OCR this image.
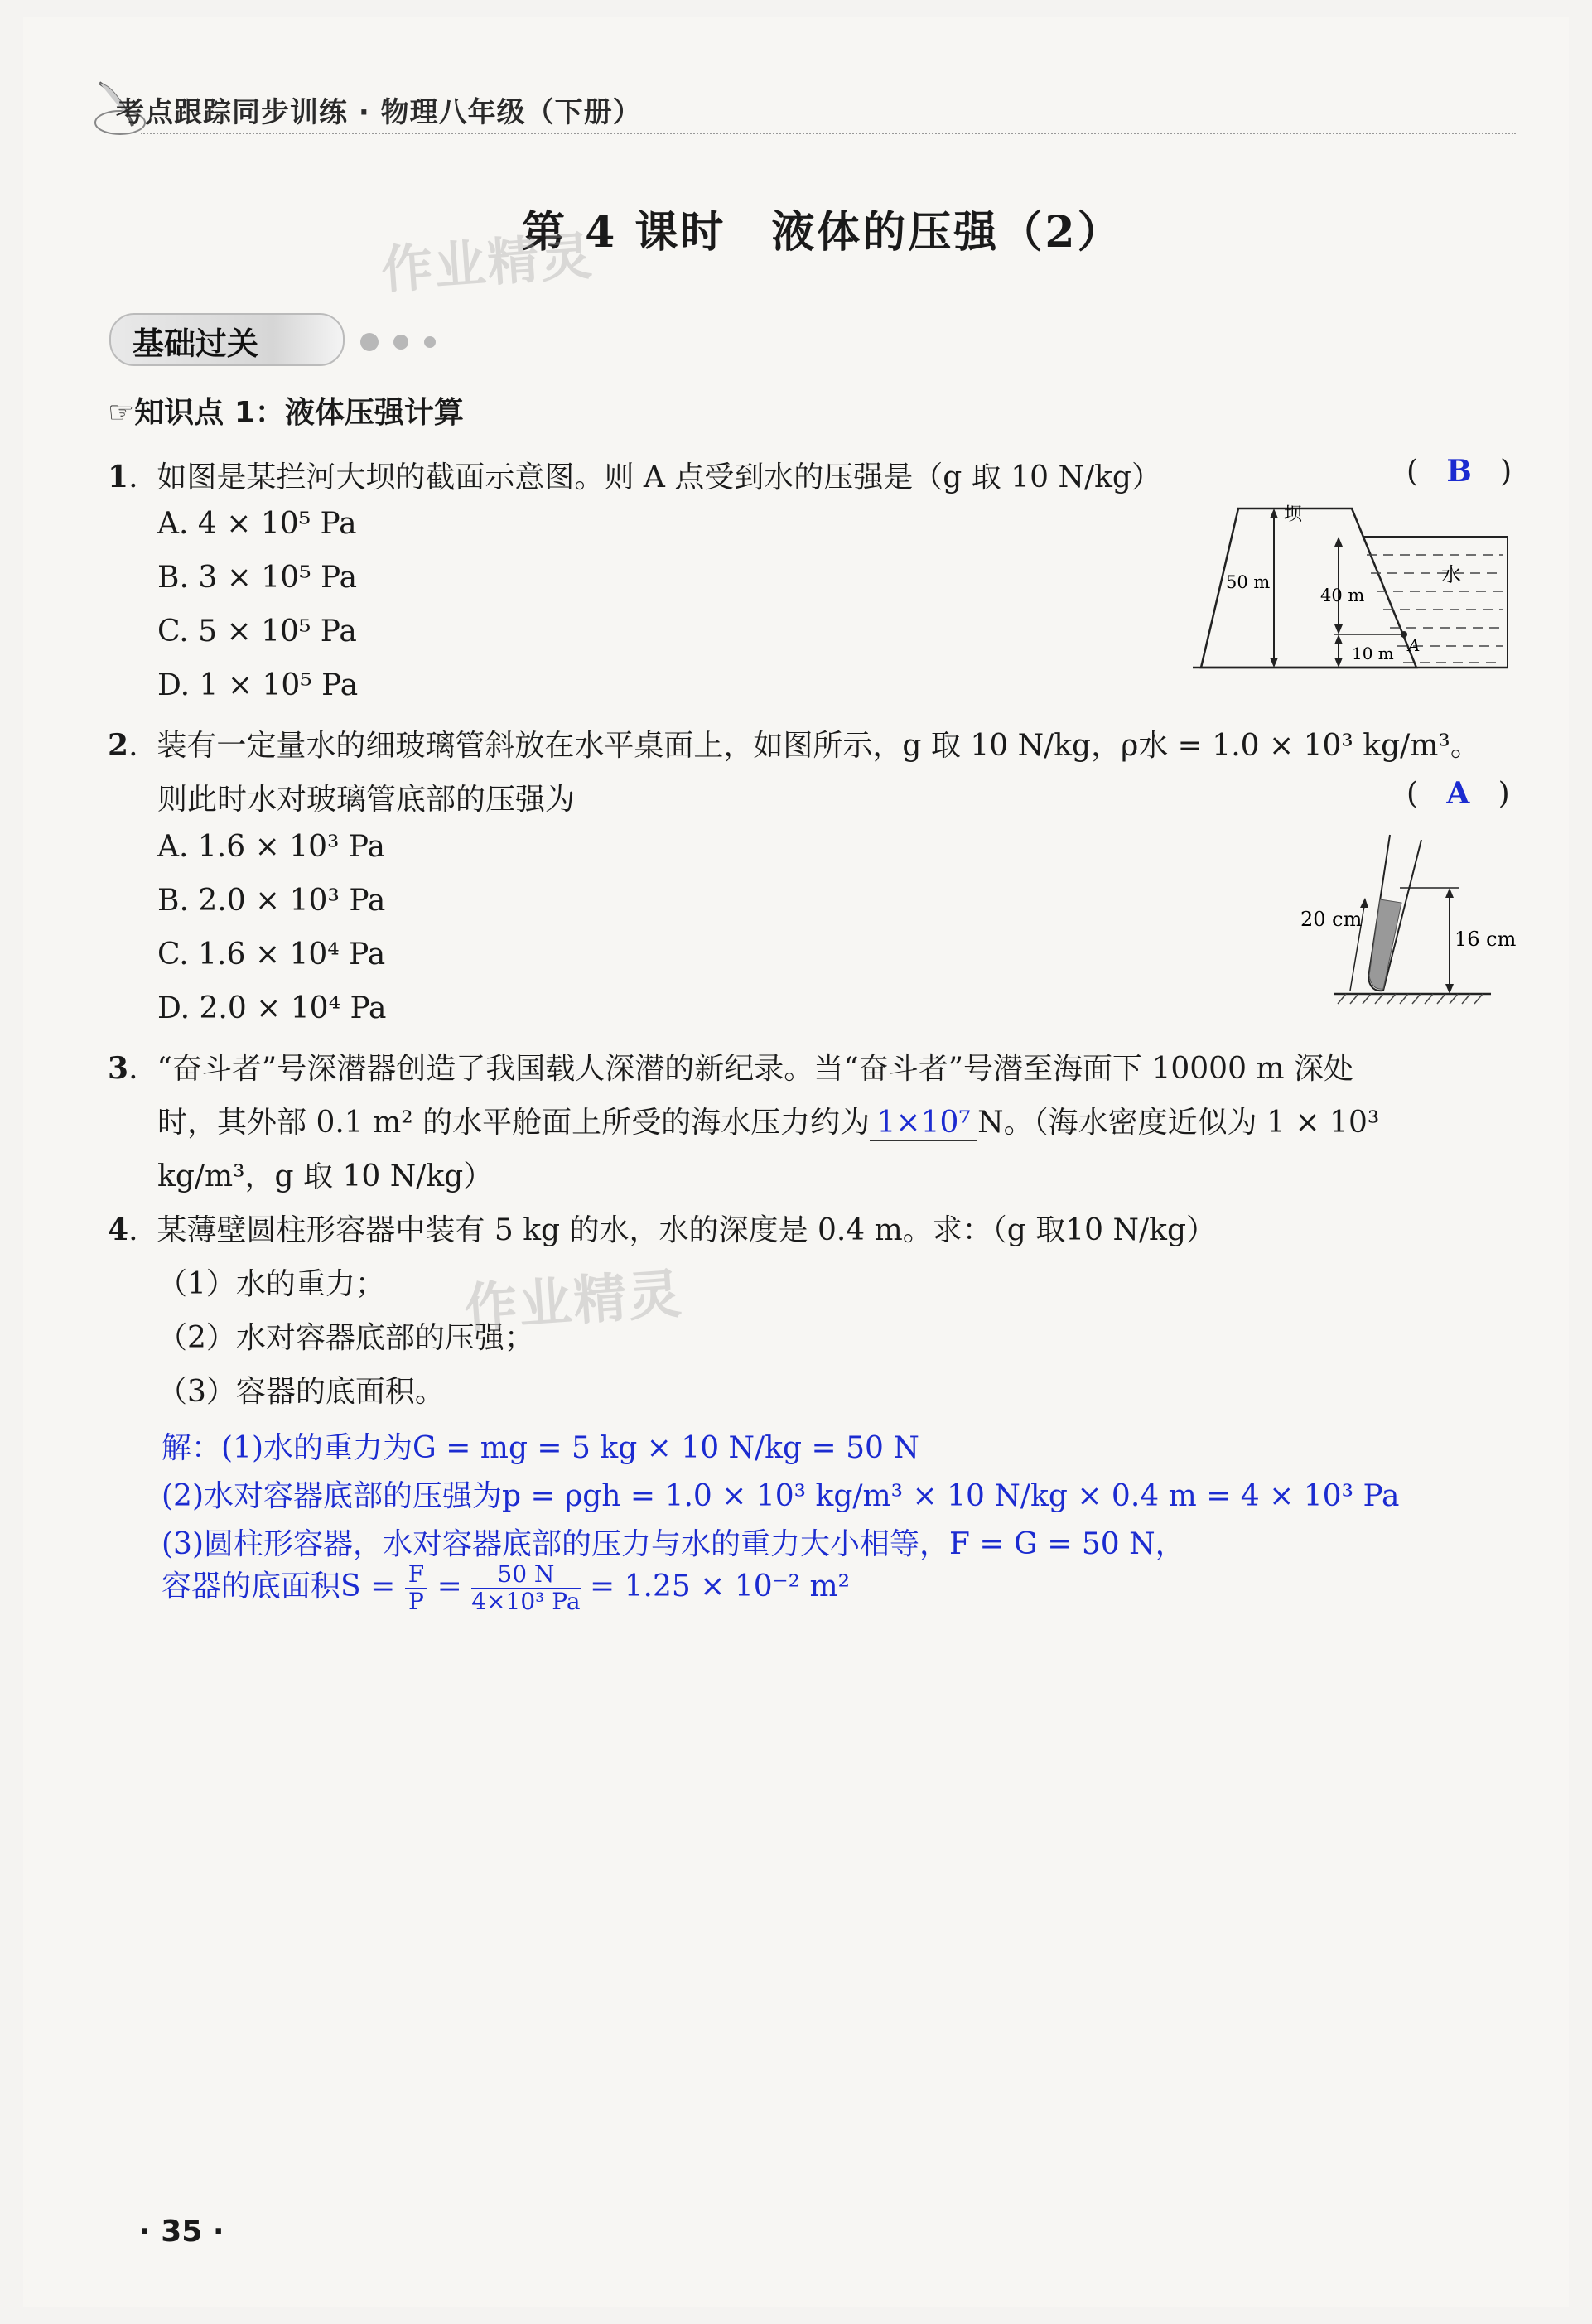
考点跟踪同步训练 · 物理八年级（下册）
第 4 课时　液体的压强（2）
作业精灵
基础过关
☞知识点 1：液体压强计算
1.  如图是某拦河大坝的截面示意图。则 A 点受到水的压强是（g 取 10 N/kg）	(   B   )
A. 4 × 10⁵ Pa
B. 3 × 10⁵ Pa
C. 5 × 10⁵ Pa
D. 1 × 10⁵ Pa
坝
水
50 m
40 m
10 m A
2.  装有一定量水的细玻璃管斜放在水平桌面上，如图所示，g 取 10 N/kg，ρ水 = 1.0 × 10³ kg/m³。
则此时水对玻璃管底部的压强为	(   A   )
A. 1.6 × 10³ Pa
B. 2.0 × 10³ Pa
C. 1.6 × 10⁴ Pa
D. 2.0 × 10⁴ Pa
20 cm
16 cm
3.  “奋斗者”号深潜器创造了我国载人深潜的新纪录。当“奋斗者”号潜至海面下 10000 m 深处
时，其外部 0.1 m² 的水平舱面上所受的海水压力约为 1×10⁷ N。（海水密度近似为 1 × 10³
kg/m³，g 取 10 N/kg）
4.  某薄壁圆柱形容器中装有 5 kg 的水，水的深度是 0.4 m。求：（g 取10 N/kg）
（1）水的重力；
（2）水对容器底部的压强；
（3）容器的底面积。
作业精灵
解：(1)水的重力为G = mg = 5 kg × 10 N/kg = 50 N
(2)水对容器底部的压强为p = ρgh = 1.0 × 10³ kg/m³ × 10 N/kg × 0.4 m = 4 × 10³ Pa
(3)圆柱形容器，水对容器底部的压力与水的重力大小相等，F = G = 50 N，
容器的底面积$S = \frac{F}{P} = \frac{50 N}{\text{4×10³ Pa}} = 1.25 \times 10^{-2}$ m²
· 35 ·
